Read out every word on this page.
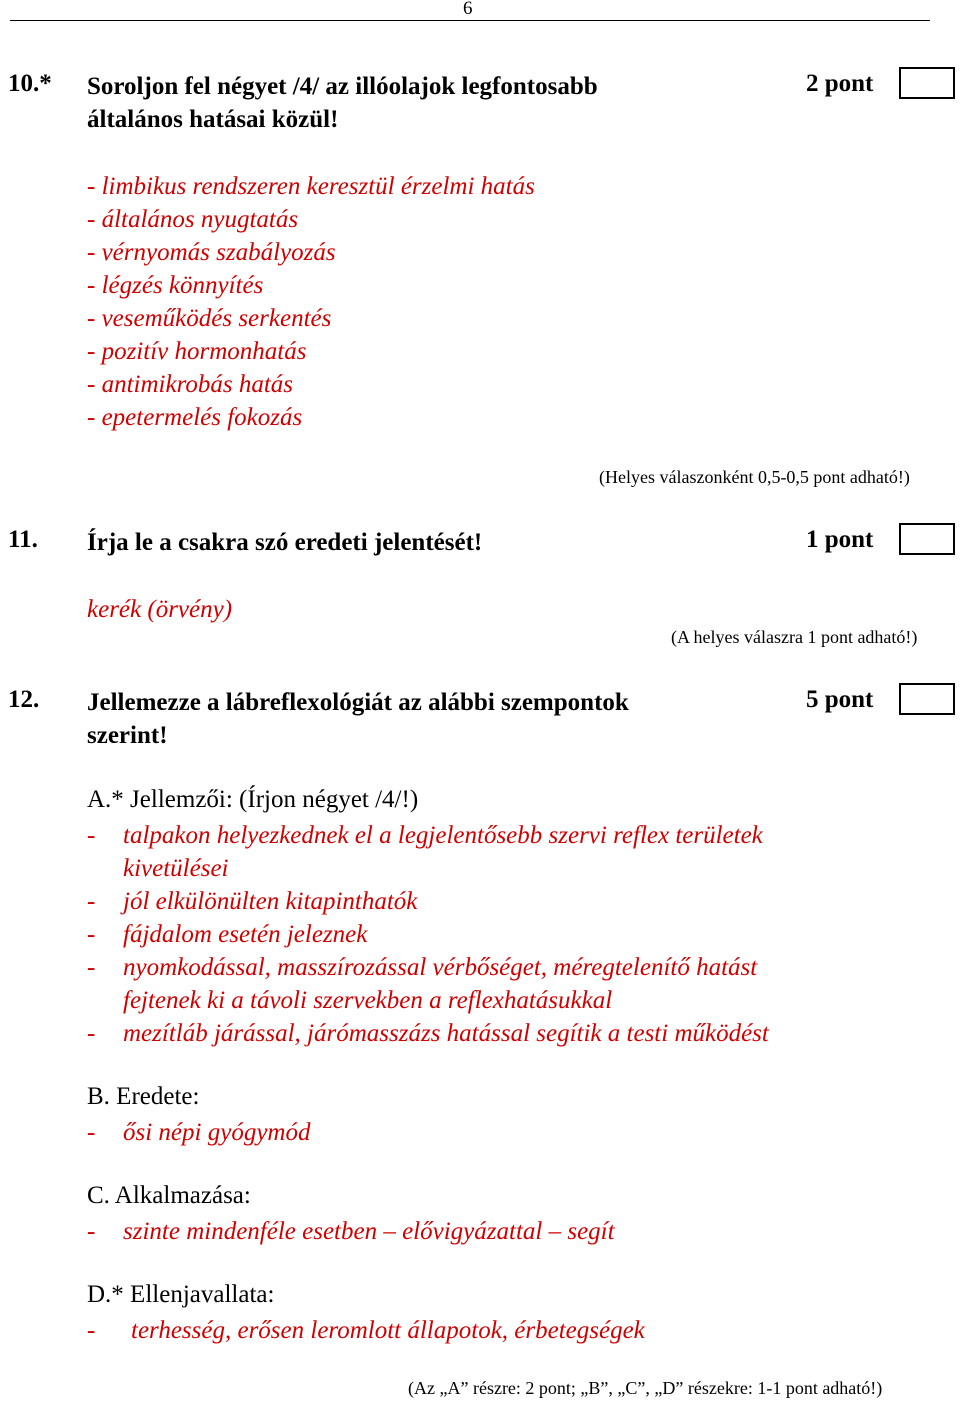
6
10.* Soroljon fel négyet /4/ az illóolajok legfontosabb
általános hatásai közül!
2 pont
- limbikus rendszeren keresztül érzelmi hatás
- általános nyugtatás
- vérnyomás szabályozás
- légzés könnyítés
- veseműködés serkentés
- pozitív hormonhatás
- antimikrobás hatás
- epetermelés fokozás
(Helyes válaszonként 0,5-0,5 pont adható!)
11. Írja le a csakra szó eredeti jelentését!	1 pont
kerék (örvény)
(A helyes válaszra 1 pont adható!)
12. Jellemezze a lábreflexológiát az alábbi szempontok
szerint!
5 pont
A.* Jellemzői: (Írjon négyet /4/!)
- talpakon helyezkednek el a legjelentősebb szervi reflex területek
kivetülései
- jól elkülönülten kitapinthatók
- fájdalom esetén jeleznek
- nyomkodással, masszírozással vérbőséget, méregtelenítő hatást
fejtenek ki a távoli szervekben a reflexhatásukkal
- mezítláb járással, járómasszázs hatással segítik a testi működést
B. Eredete:
- ősi népi gyógymód
C. Alkalmazása:
- szinte mindenféle esetben – elővigyázattal – segít
D.* Ellenjavallata:
- terhesség, erősen leromlott állapotok, érbetegségek
(Az „A” részre: 2 pont; „B”, „C”, „D” részekre: 1-1 pont adható!)
